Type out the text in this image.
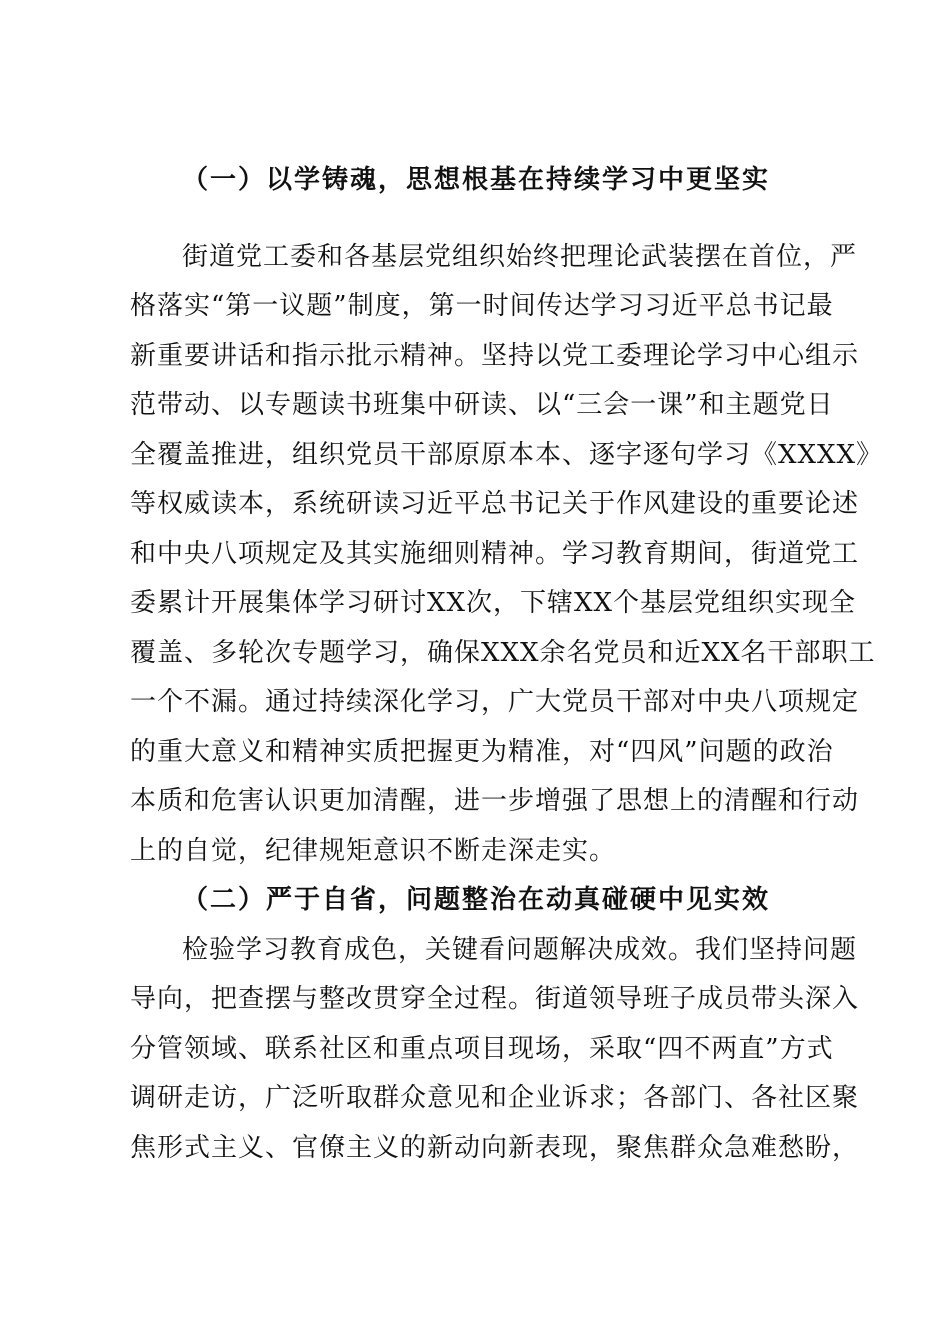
（一）以学铸魂，思想根基在持续学习中更坚实
街道党工委和各基层党组织始终把理论武装摆在首位，严
格落实“第一议题”制度，第一时间传达学习习近平总书记最
新重要讲话和指示批示精神。坚持以党工委理论学习中心组示
范带动、以专题读书班集中研读、以“三会一课”和主题党日
全覆盖推进，组织党员干部原原本本、逐字逐句学习《XXXX》
等权威读本，系统研读习近平总书记关于作风建设的重要论述
和中央八项规定及其实施细则精神。学习教育期间，街道党工
委累计开展集体学习研讨XX次，下辖XX个基层党组织实现全
覆盖、多轮次专题学习，确保XXX余名党员和近XX名干部职工
一个不漏。通过持续深化学习，广大党员干部对中央八项规定
的重大意义和精神实质把握更为精准，对“四风”问题的政治
本质和危害认识更加清醒，进一步增强了思想上的清醒和行动
上的自觉，纪律规矩意识不断走深走实。
（二）严于自省，问题整治在动真碰硬中见实效
检验学习教育成色，关键看问题解决成效。我们坚持问题
导向，把查摆与整改贯穿全过程。街道领导班子成员带头深入
分管领域、联系社区和重点项目现场，采取“四不两直”方式
调研走访，广泛听取群众意见和企业诉求；各部门、各社区聚
焦形式主义、官僚主义的新动向新表现，聚焦群众急难愁盼，
